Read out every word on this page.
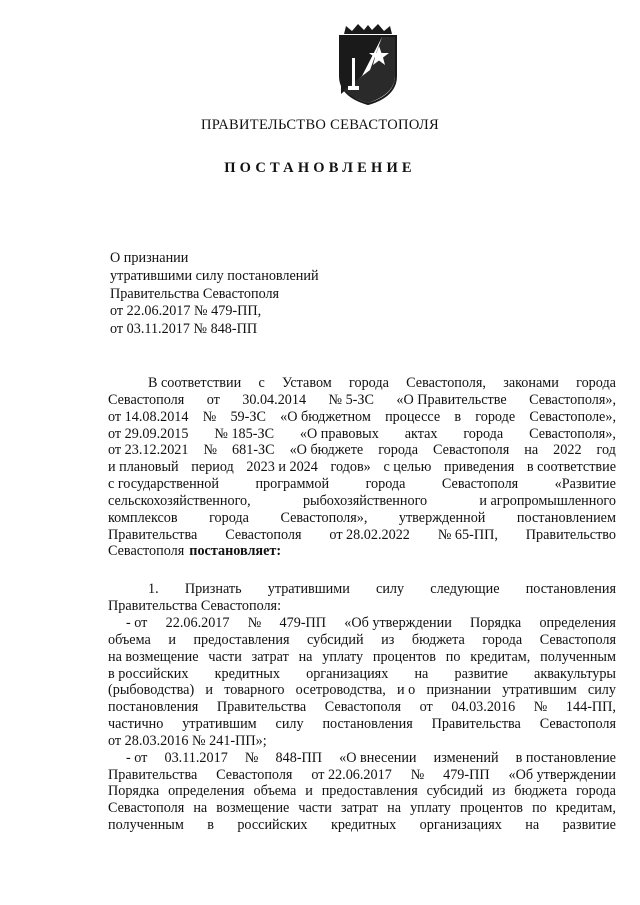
ПРАВИТЕЛЬСТВО СЕВАСТОПОЛЯ
ПОСТАНОВЛЕНИЕ
О признании
утратившими силу постановлений
Правительства Севастополя
от 22.06.2017 № 479-ПП,
от 03.11.2017 № 848-ПП
В соответствии с Уставом города Севастополя, законами города
Севастополя от 30.04.2014 № 5-ЗС «О Правительстве Севастополя»,
от 14.08.2014 № 59-ЗС «О бюджетном процессе в городе Севастополе»,
от 29.09.2015 № 185-ЗС «О правовых актах города Севастополя»,
от 23.12.2021 № 681-ЗС «О бюджете города Севастополя на 2022 год
и плановый период 2023 и 2024 годов» с целью приведения в соответствие
с государственной	программой	города	Севастополя	«Развитие
сельскохозяйственного,	рыбохозяйственного	и агропромышленного
комплексов города Севастополя», утвержденной постановлением
Правительства Севастополя от 28.02.2022 № 65-ПП, Правительство
Севастополя постановляет:
1. Признать утратившими силу следующие постановления
Правительства Севастополя:
- от 22.06.2017 № 479-ПП «Об утверждении Порядка определения
объема и предоставления субсидий из бюджета города Севастополя
на возмещение части затрат на уплату процентов по кредитам, полученным
в российских кредитных организациях на развитие аквакультуры
(рыбоводства) и товарного осетроводства, и о признании утратившим силу
постановления Правительства Севастополя от 04.03.2016 № 144-ПП,
частично утратившим силу постановления Правительства Севастополя
от 28.03.2016 № 241-ПП»;
- от 03.11.2017 № 848-ПП «О внесении изменений в постановление
Правительства Севастополя от 22.06.2017 № 479-ПП «Об утверждении
Порядка определения объема и предоставления субсидий из бюджета города
Севастополя на возмещение части затрат на уплату процентов по кредитам,
полученным в российских кредитных организациях на развитие
